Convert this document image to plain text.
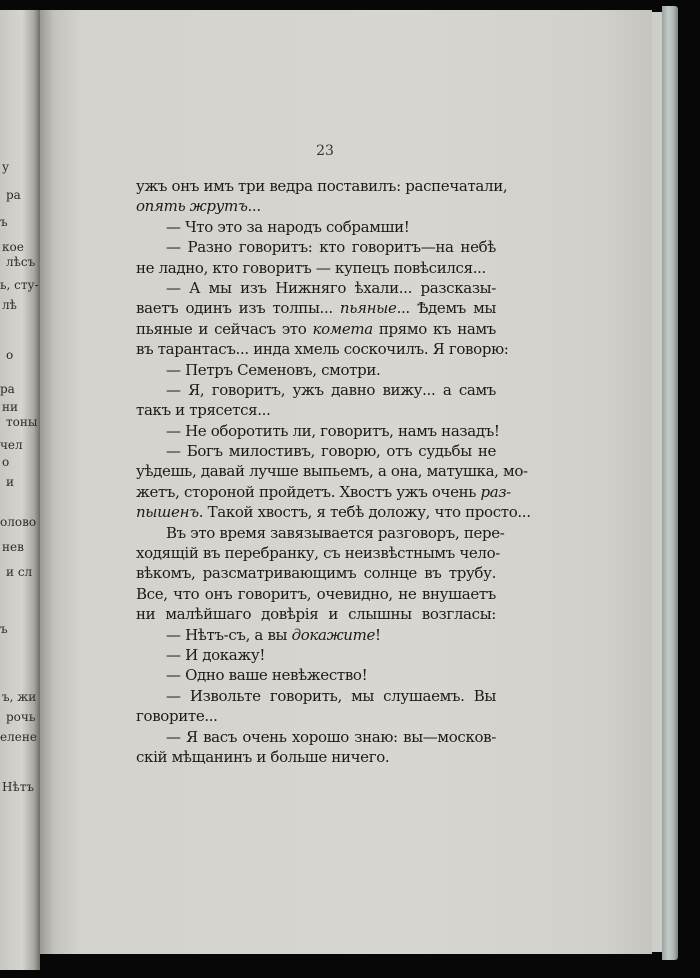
у
ра
ъ
кое
лѣсъ
ь, сту-
лѣ
о
ра
ни
тоны
чел
о
и
олово
нев
и сл
ъ
ъ, жи
рочь
елене
Нѣтъ
23
ужъ онъ имъ три ведра поставилъ: распечатали,
опять жрутъ...
— Что это за народъ собрамши!
— Разно говоритъ: кто говоритъ—на небѣ
не ладно, кто говоритъ — купецъ повѣсился...
— А мы изъ Нижняго ѣхали... разсказы-
ваетъ одинъ изъ толпы... пьяные... Ѣдемъ мы
пьяные и сейчасъ это комета прямо къ намъ
въ тарантасъ... инда хмель соскочилъ. Я говорю:
— Петръ Семеновъ, смотри.
— Я, говоритъ, ужъ давно вижу... а самъ
такъ и трясется...
— Не оборотить ли, говоритъ, намъ назадъ!
— Богъ милостивъ, говорю, отъ судьбы не
уѣдешь, давай лучше выпьемъ, а она, матушка, мо-
жетъ, стороной пройдетъ. Хвостъ ужъ очень раз-
пышенъ. Такой хвостъ, я тебѣ доложу, что просто...
Въ это время завязывается разговоръ, пере-
ходящій въ перебранку, съ неизвѣстнымъ чело-
вѣкомъ, разсматривающимъ солнце въ трубу.
Все, что онъ говоритъ, очевидно, не внушаетъ
ни малѣйшаго довѣрія и слышны возгласы:
— Нѣтъ-съ, а вы докажите!
— И докажу!
— Одно ваше невѣжество!
— Извольте говорить, мы слушаемъ. Вы
говорите...
— Я васъ очень хорошо знаю: вы—москов-
скій мѣщанинъ и больше ничего.
